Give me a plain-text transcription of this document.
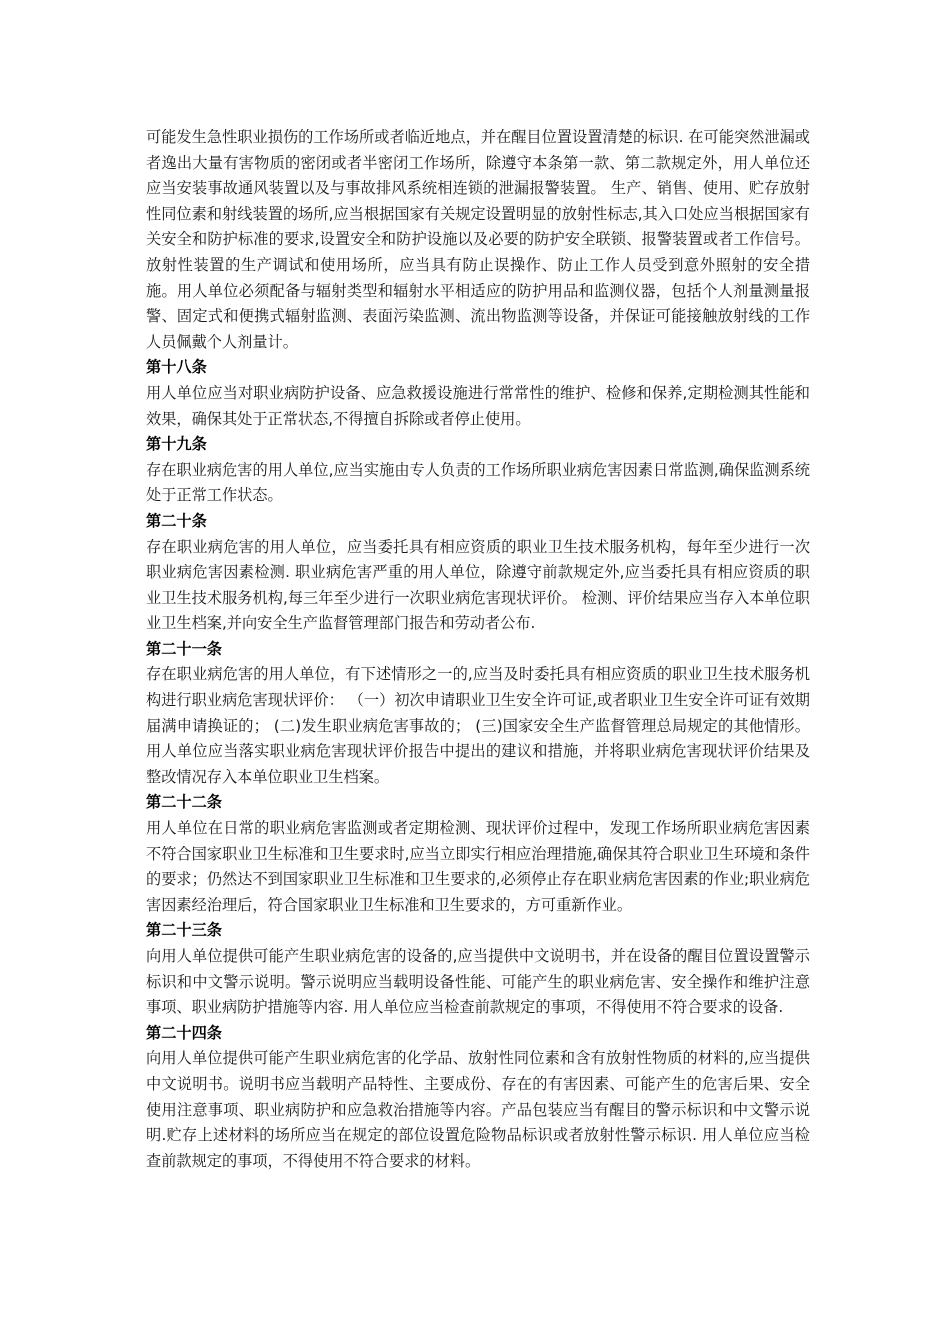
可能发生急性职业损伤的工作场所或者临近地点，并在醒目位置设置清楚的标识. 在可能突然泄漏或者逸出大量有害物质的密闭或者半密闭工作场所，除遵守本条第一款、第二款规定外，用人单位还应当安装事故通风装置以及与事故排风系统相连锁的泄漏报警装置。 生产、销售、使用、贮存放射性同位素和射线装置的场所,应当根据国家有关规定设置明显的放射性标志,其入口处应当根据国家有关安全和防护标准的要求,设置安全和防护设施以及必要的防护安全联锁、报警装置或者工作信号。放射性装置的生产调试和使用场所，应当具有防止误操作、防止工作人员受到意外照射的安全措施。用人单位必须配备与辐射类型和辐射水平相适应的防护用品和监测仪器，包括个人剂量测量报警、固定式和便携式辐射监测、表面污染监测、流出物监测等设备，并保证可能接触放射线的工作人员佩戴个人剂量计。

第十八条

用人单位应当对职业病防护设备、应急救援设施进行常常性的维护、检修和保养,定期检测其性能和效果，确保其处于正常状态,不得擅自拆除或者停止使用。

第十九条

存在职业病危害的用人单位,应当实施由专人负责的工作场所职业病危害因素日常监测,确保监测系统处于正常工作状态。

第二十条

存在职业病危害的用人单位，应当委托具有相应资质的职业卫生技术服务机构，每年至少进行一次职业病危害因素检测. 职业病危害严重的用人单位，除遵守前款规定外,应当委托具有相应资质的职业卫生技术服务机构,每三年至少进行一次职业病危害现状评价。 检测、评价结果应当存入本单位职业卫生档案,并向安全生产监督管理部门报告和劳动者公布.

第二十一条

存在职业病危害的用人单位，有下述情形之一的,应当及时委托具有相应资质的职业卫生技术服务机构进行职业病危害现状评价： （一）初次申请职业卫生安全许可证,或者职业卫生安全许可证有效期届满申请换证的； (二)发生职业病危害事故的； (三)国家安全生产监督管理总局规定的其他情形。 用人单位应当落实职业病危害现状评价报告中提出的建议和措施，并将职业病危害现状评价结果及整改情况存入本单位职业卫生档案。

第二十二条

用人单位在日常的职业病危害监测或者定期检测、现状评价过程中，发现工作场所职业病危害因素不符合国家职业卫生标准和卫生要求时,应当立即实行相应治理措施,确保其符合职业卫生环境和条件的要求；仍然达不到国家职业卫生标准和卫生要求的,必须停止存在职业病危害因素的作业;职业病危害因素经治理后，符合国家职业卫生标准和卫生要求的，方可重新作业。

第二十三条

向用人单位提供可能产生职业病危害的设备的,应当提供中文说明书，并在设备的醒目位置设置警示标识和中文警示说明。警示说明应当载明设备性能、可能产生的职业病危害、安全操作和维护注意事项、职业病防护措施等内容. 用人单位应当检查前款规定的事项，不得使用不符合要求的设备.

第二十四条

向用人单位提供可能产生职业病危害的化学品、放射性同位素和含有放射性物质的材料的,应当提供中文说明书。说明书应当载明产品特性、主要成份、存在的有害因素、可能产生的危害后果、安全使用注意事项、职业病防护和应急救治措施等内容。产品包装应当有醒目的警示标识和中文警示说明.贮存上述材料的场所应当在规定的部位设置危险物品标识或者放射性警示标识. 用人单位应当检查前款规定的事项，不得使用不符合要求的材料。
